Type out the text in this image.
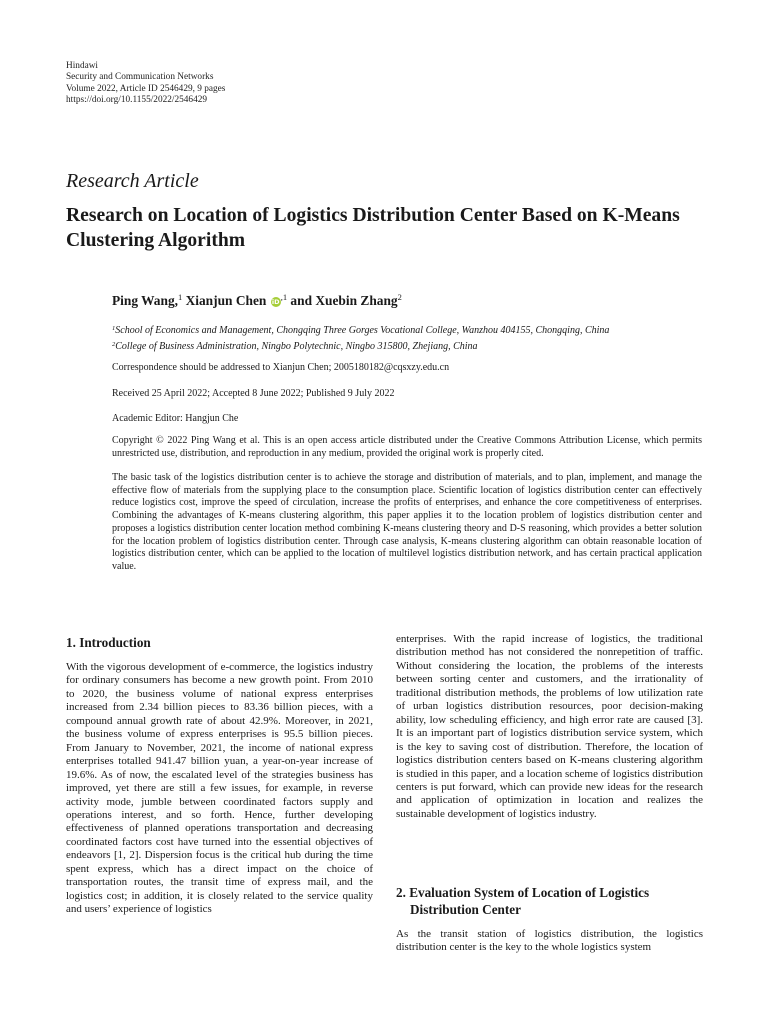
Hindawi
Security and Communication Networks
Volume 2022, Article ID 2546429, 9 pages
https://doi.org/10.1155/2022/2546429
Research Article
Research on Location of Logistics Distribution Center Based on K-Means Clustering Algorithm
Ping Wang,$^1$ Xianjun Chen $iD^{,1}$ and Xuebin Zhang$^2$
$^1$School of Economics and Management, Chongqing Three Gorges Vocational College, Wanzhou 404155, Chongqing, China
$^2$College of Business Administration, Ningbo Polytechnic, Ningbo 315800, Zhejiang, China
Correspondence should be addressed to Xianjun Chen; 2005180182@cqsxzy.edu.cn
Received 25 April 2022; Accepted 8 June 2022; Published 9 July 2022
Academic Editor: Hangjun Che

Copyright © 2022 Ping Wang et al. This is an open access article distributed under the Creative Commons Attribution License, which permits unrestricted use, distribution, and reproduction in any medium, provided the original work is properly cited.

The basic task of the logistics distribution center is to achieve the storage and distribution of materials, and to plan, implement, and manage the effective flow of materials from the supplying place to the consumption place. Scientific location of logistics distribution center can effectively reduce logistics cost, improve the speed of circulation, increase the profits of enterprises, and enhance the core competitiveness of enterprises. Combining the advantages of K-means clustering algorithm, this paper applies it to the location problem of logistics distribution center and proposes a logistics distribution center location method combining K-means clustering theory and D-S reasoning, which provides a better solution for the location problem of logistics distribution center. Through case analysis, K-means clustering algorithm can obtain reasonable location of logistics distribution center, which can be applied to the location of multilevel logistics distribution network, and has certain practical application value.

1. Introduction

With the vigorous development of e-commerce, the logistics industry for ordinary consumers has become a new growth point. From 2010 to 2020, the business volume of national express enterprises increased from 2.34 billion pieces to 83.36 billion pieces, with a compound annual growth rate of about 42.9%. Moreover, in 2021, the business volume of express enterprises is 95.5 billion pieces. From January to November, 2021, the income of national express enterprises totalled 941.47 billion yuan, a year-on-year increase of 19.6%. As of now, the escalated level of the strategies business has improved, yet there are still a few issues, for example, in reverse activity mode, jumble between coordinated factors supply and operations interest, and so forth. Hence, further developing effectiveness of planned operations transportation and decreasing coordinated factors cost have turned into the essential objectives of endeavors [1, 2]. Dispersion focus is the critical hub during the time spent express, which has a direct impact on the choice of transportation routes, the transit time of express mail, and the logistics cost; in addition, it is closely related to the service quality and users’ experience of logistics

enterprises. With the rapid increase of logistics, the traditional distribution method has not considered the nonrepetition of traffic. Without considering the location, the problems of the interests between sorting center and customers, and the irrationality of traditional distribution methods, the problems of low utilization rate of urban logistics distribution resources, poor decision-making ability, low scheduling efficiency, and high error rate are caused [3]. It is an important part of logistics distribution service system, which is the key to saving cost of distribution. Therefore, the location of logistics distribution centers based on K-means clustering algorithm is studied in this paper, and a location scheme of logistics distribution centers is put forward, which can provide new ideas for the research and application of optimization in location and realizes the sustainable development of logistics industry.

2. Evaluation System of Location of Logistics
Distribution Center

As the transit station of logistics distribution, the logistics distribution center is the key to the whole logistics system
